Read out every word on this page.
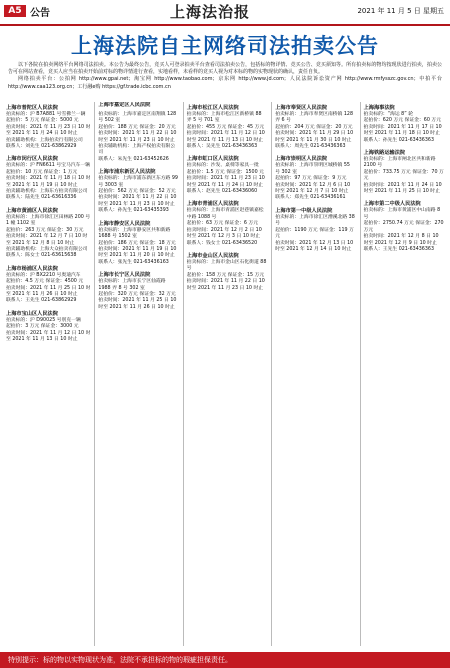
A5 公告	上海法治报	2021 年 11 月 5 日 星期五
上海法院自主网络司法拍卖公告

以下各院在拍卖网络平台网络司法拍卖。本公告为最终公告，竞买人可登录拍卖平台查看司法拍卖公告，包括标的物详情、竞买公告、竞买须知等。所有拍卖标的物均按现状进行拍卖，拍卖公告可在网站查看，竞买人应当在拍卖开始前对标的物详情进行查看，实地看样，未看样的竞买人视为对本标的物的实物现状的确认，责任自负。

网络拍卖平台：公拍网 http://www.gpai.net；淘宝网 http://www.taobao.com；京东网 http://www.jd.com；人民法院诉讼资产网 http://www.rmfysszc.gov.cn；中拍平台 http://www.caa123.org.cn；工行融e购 https://gf.trade.icbc.com.cn

上海市普陀区人民法院
拍卖标的：沪 B7A881 号雪佛兰一辆
起拍价：5 万元 保证金：5000 元
拍卖时间：2021 年 11 月 23 日 10 时至 2021 年 11 月 24 日 10 时止
拍卖辅助机构：上海拍卖行有限公司
联系人：刘先生 021-63862929
上海市闵行区人民法院
拍卖标的：沪 FN6611 号宝马汽车一辆
起拍价：10 万元 保证金：1 万元
拍卖时间：2021 年 11 月 18 日 10 时至 2021 年 11 月 19 日 10 时止
拍卖辅助机构：上海东方拍卖有限公司
联系人：陆先生 021-63616336
上海市黄浦区人民法院
拍卖标的：上海市徐汇区田林路 200 号 1 幢 1102 室
起拍价：263 万元 保证金：30 万元
拍卖时间：2021 年 12 月 7 日 10 时至 2021 年 12 月 8 日 10 时止
拍卖辅助机构：上海大众拍卖有限公司
联系人：陈女士 021-63615638
上海市杨浦区人民法院
拍卖标的：沪 BX2210 号奥迪汽车
起拍价：4.5 万元 保证金：4500 元
拍卖时间：2021 年 11 月 25 日 10 时至 2021 年 11 月 26 日 10 时止
联系人：王先生 021-63862929
上海市宝山区人民法院
拍卖标的：沪 D90025 号别克一辆
起拍价：3 万元 保证金：3000 元
拍卖时间：2021 年 11 月 12 日 10 时至 2021 年 11 月 13 日 10 时止
上海市嘉定区人民法院
拍卖标的：上海市嘉定区南翔镇 128 号 502 室
起拍价：188 万元 保证金：20 万元
拍卖时间：2021 年 11 月 22 日 10 时至 2021 年 11 月 23 日 10 时止
拍卖辅助机构：上海产权拍卖有限公司
联系人：朱先生 021-63452626
上海市浦东新区人民法院
拍卖标的：上海市浦东新区东方路 99 号 3003 室
起拍价：562 万元 保证金：52 万元
拍卖时间：2021 年 11 月 22 日 10 时至 2021 年 11 月 23 日 10 时止
联系人：孙先生 021-63435393
上海市静安区人民法院
拍卖标的：上海市静安区共和新路 1688 号 1502 室
起拍价：186 万元 保证金：18 万元
拍卖时间：2021 年 11 月 19 日 10 时至 2021 年 11 月 20 日 10 时止
联系人：张先生 021-63436163
上海市长宁区人民法院
拍卖标的：上海市长宁区仙霞路 1988 弄 8 号 302 室
起拍价：320 万元 保证金：32 万元
拍卖时间：2021 年 11 月 25 日 10 时至 2021 年 11 月 26 日 10 时止
上海市松江区人民法院
拍卖标的：上海市松江区新桥镇 88 弄 5 号 701 室
起拍价：455 万元 保证金：45 万元
拍卖时间：2021 年 11 月 12 日 10 时至 2021 年 11 月 13 日 10 时止
联系人：吴先生 021-63436363
上海市虹口区人民法院
拍卖标的：沙发、桌椅等家具一批
起拍价：1.5 万元 保证金：1500 元
拍卖时间：2021 年 11 月 23 日 10 时至 2021 年 11 月 24 日 10 时止
联系人：赵先生 021-63436060
上海市青浦区人民法院
拍卖标的：上海市青浦区赵巷镇嘉松中路 1088 号
起拍价：63 万元 保证金：6 万元
拍卖时间：2021 年 12 月 2 日 10 时至 2021 年 12 月 3 日 10 时止
联系人：钱女士 021-63436520
上海市金山区人民法院
拍卖标的：上海市金山区石化街道 88 号
起拍价：158 万元 保证金：15 万元
拍卖时间：2021 年 11 月 22 日 10 时至 2021 年 11 月 23 日 10 时止
上海市奉贤区人民法院
拍卖标的：上海市奉贤区南桥镇 128 弄 6 号
起拍价：204 万元 保证金：20 万元
拍卖时间：2021 年 11 月 29 日 10 时至 2021 年 11 月 30 日 10 时止
联系人：周先生 021-63436363
上海市崇明区人民法院
拍卖标的：上海市崇明区城桥镇 55 号 302 室
起拍价：97 万元 保证金：9 万元
拍卖时间：2021 年 12 月 6 日 10 时至 2021 年 12 月 7 日 10 时止
联系人：郑先生 021-63436161
上海市第一中级人民法院
拍卖标的：上海市徐汇区漕溪北路 38 号
起拍价：1190 万元 保证金：119 万元
拍卖时间：2021 年 12 月 13 日 10 时至 2021 年 12 月 14 日 10 时止
上海海事法院
拍卖标的：“海运 8” 轮
起拍价：620 万元 保证金：60 万元
拍卖时间：2021 年 11 月 17 日 10 时至 2021 年 11 月 18 日 10 时止
联系人：孙先生 021-63436363
上海铁路运输法院
拍卖标的：上海市闸北区共和新路 2100 号
起拍价：733.75 万元 保证金：70 万元
拍卖时间：2021 年 11 月 24 日 10 时至 2021 年 11 月 25 日 10 时止
上海市第二中级人民法院
拍卖标的：上海市黄浦区中山南路 8 号
起拍价：2750.74 万元 保证金：270 万元
拍卖时间：2021 年 12 月 8 日 10 时至 2021 年 12 月 9 日 10 时止
联系人：王先生 021-63436363
特别提示：标的物以实物现状为准，法院不承担标的物的瑕疵担保责任。
